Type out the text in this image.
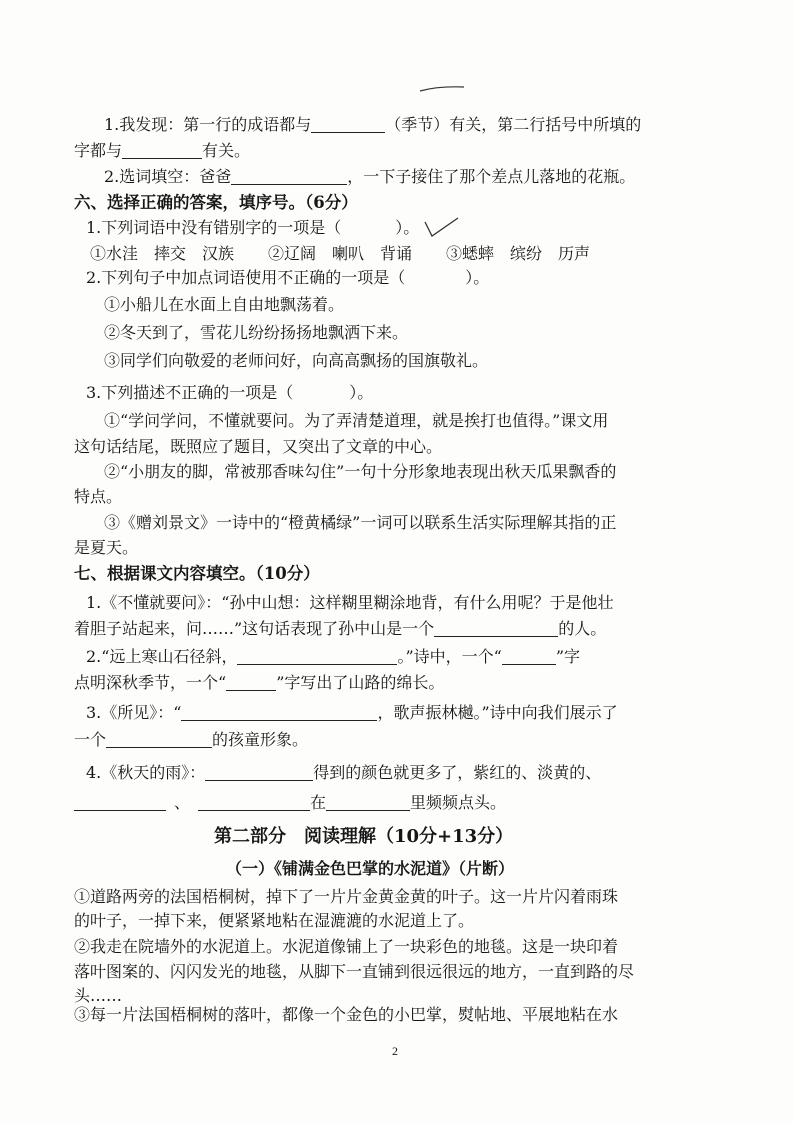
1.我发现：第一行的成语都与	（季节）有关，第二行括号中所填的
字都与	有关。
2.选词填空：爸爸	，一下子接住了那个差点儿落地的花瓶。
六、选择正确的答案，填序号。（6分）
1.下列词语中没有错别字的一项是（	）。
①水洼　摔交　汉族 ②辽阔　喇叭　背诵 ③蟋蟀　缤纷　历声
2.下列句子中加点词语使用不正确的一项是（	）。
①小船儿在水面上自由地飘荡着。
②冬天到了，雪花儿纷纷扬扬地飘洒下来。
③同学们向敬爱的老师问好，向高高飘扬的国旗敬礼。
3.下列描述不正确的一项是（	）。
①“学问学问，不懂就要问。为了弄清楚道理，就是挨打也值得。”课文用
这句话结尾，既照应了题目，又突出了文章的中心。
②“小朋友的脚，常被那香味勾住”一句十分形象地表现出秋天瓜果飘香的
特点。
③《赠刘景文》一诗中的“橙黄橘绿”一词可以联系生活实际理解其指的正
是夏天。
七、根据课文内容填空。（10分）
1.《不懂就要问》：“孙中山想：这样糊里糊涂地背，有什么用呢？于是他壮
着胆子站起来，问……”这句话表现了孙中山是一个	的人。
2.“远上寒山石径斜，	。”诗中，一个“	”字
点明深秋季节，一个“	”字写出了山路的绵长。
3.《所见》：“	，歌声振林樾。”诗中向我们展示了
一个	的孩童形象。
4.《秋天的雨》：	得到的颜色就更多了，紫红的、淡黄的、
、	在	里频频点头。
第二部分　阅读理解（10分+13分）
（一）《铺满金色巴掌的水泥道》（片断）
①道路两旁的法国梧桐树，掉下了一片片金黄金黄的叶子。这一片片闪着雨珠
的叶子，一掉下来，便紧紧地粘在湿漉漉的水泥道上了。
②我走在院墙外的水泥道上。水泥道像铺上了一块彩色的地毯。这是一块印着
落叶图案的、闪闪发光的地毯，从脚下一直铺到很远很远的地方，一直到路的尽
头……
③每一片法国梧桐树的落叶，都像一个金色的小巴掌，熨帖地、平展地粘在水
2
